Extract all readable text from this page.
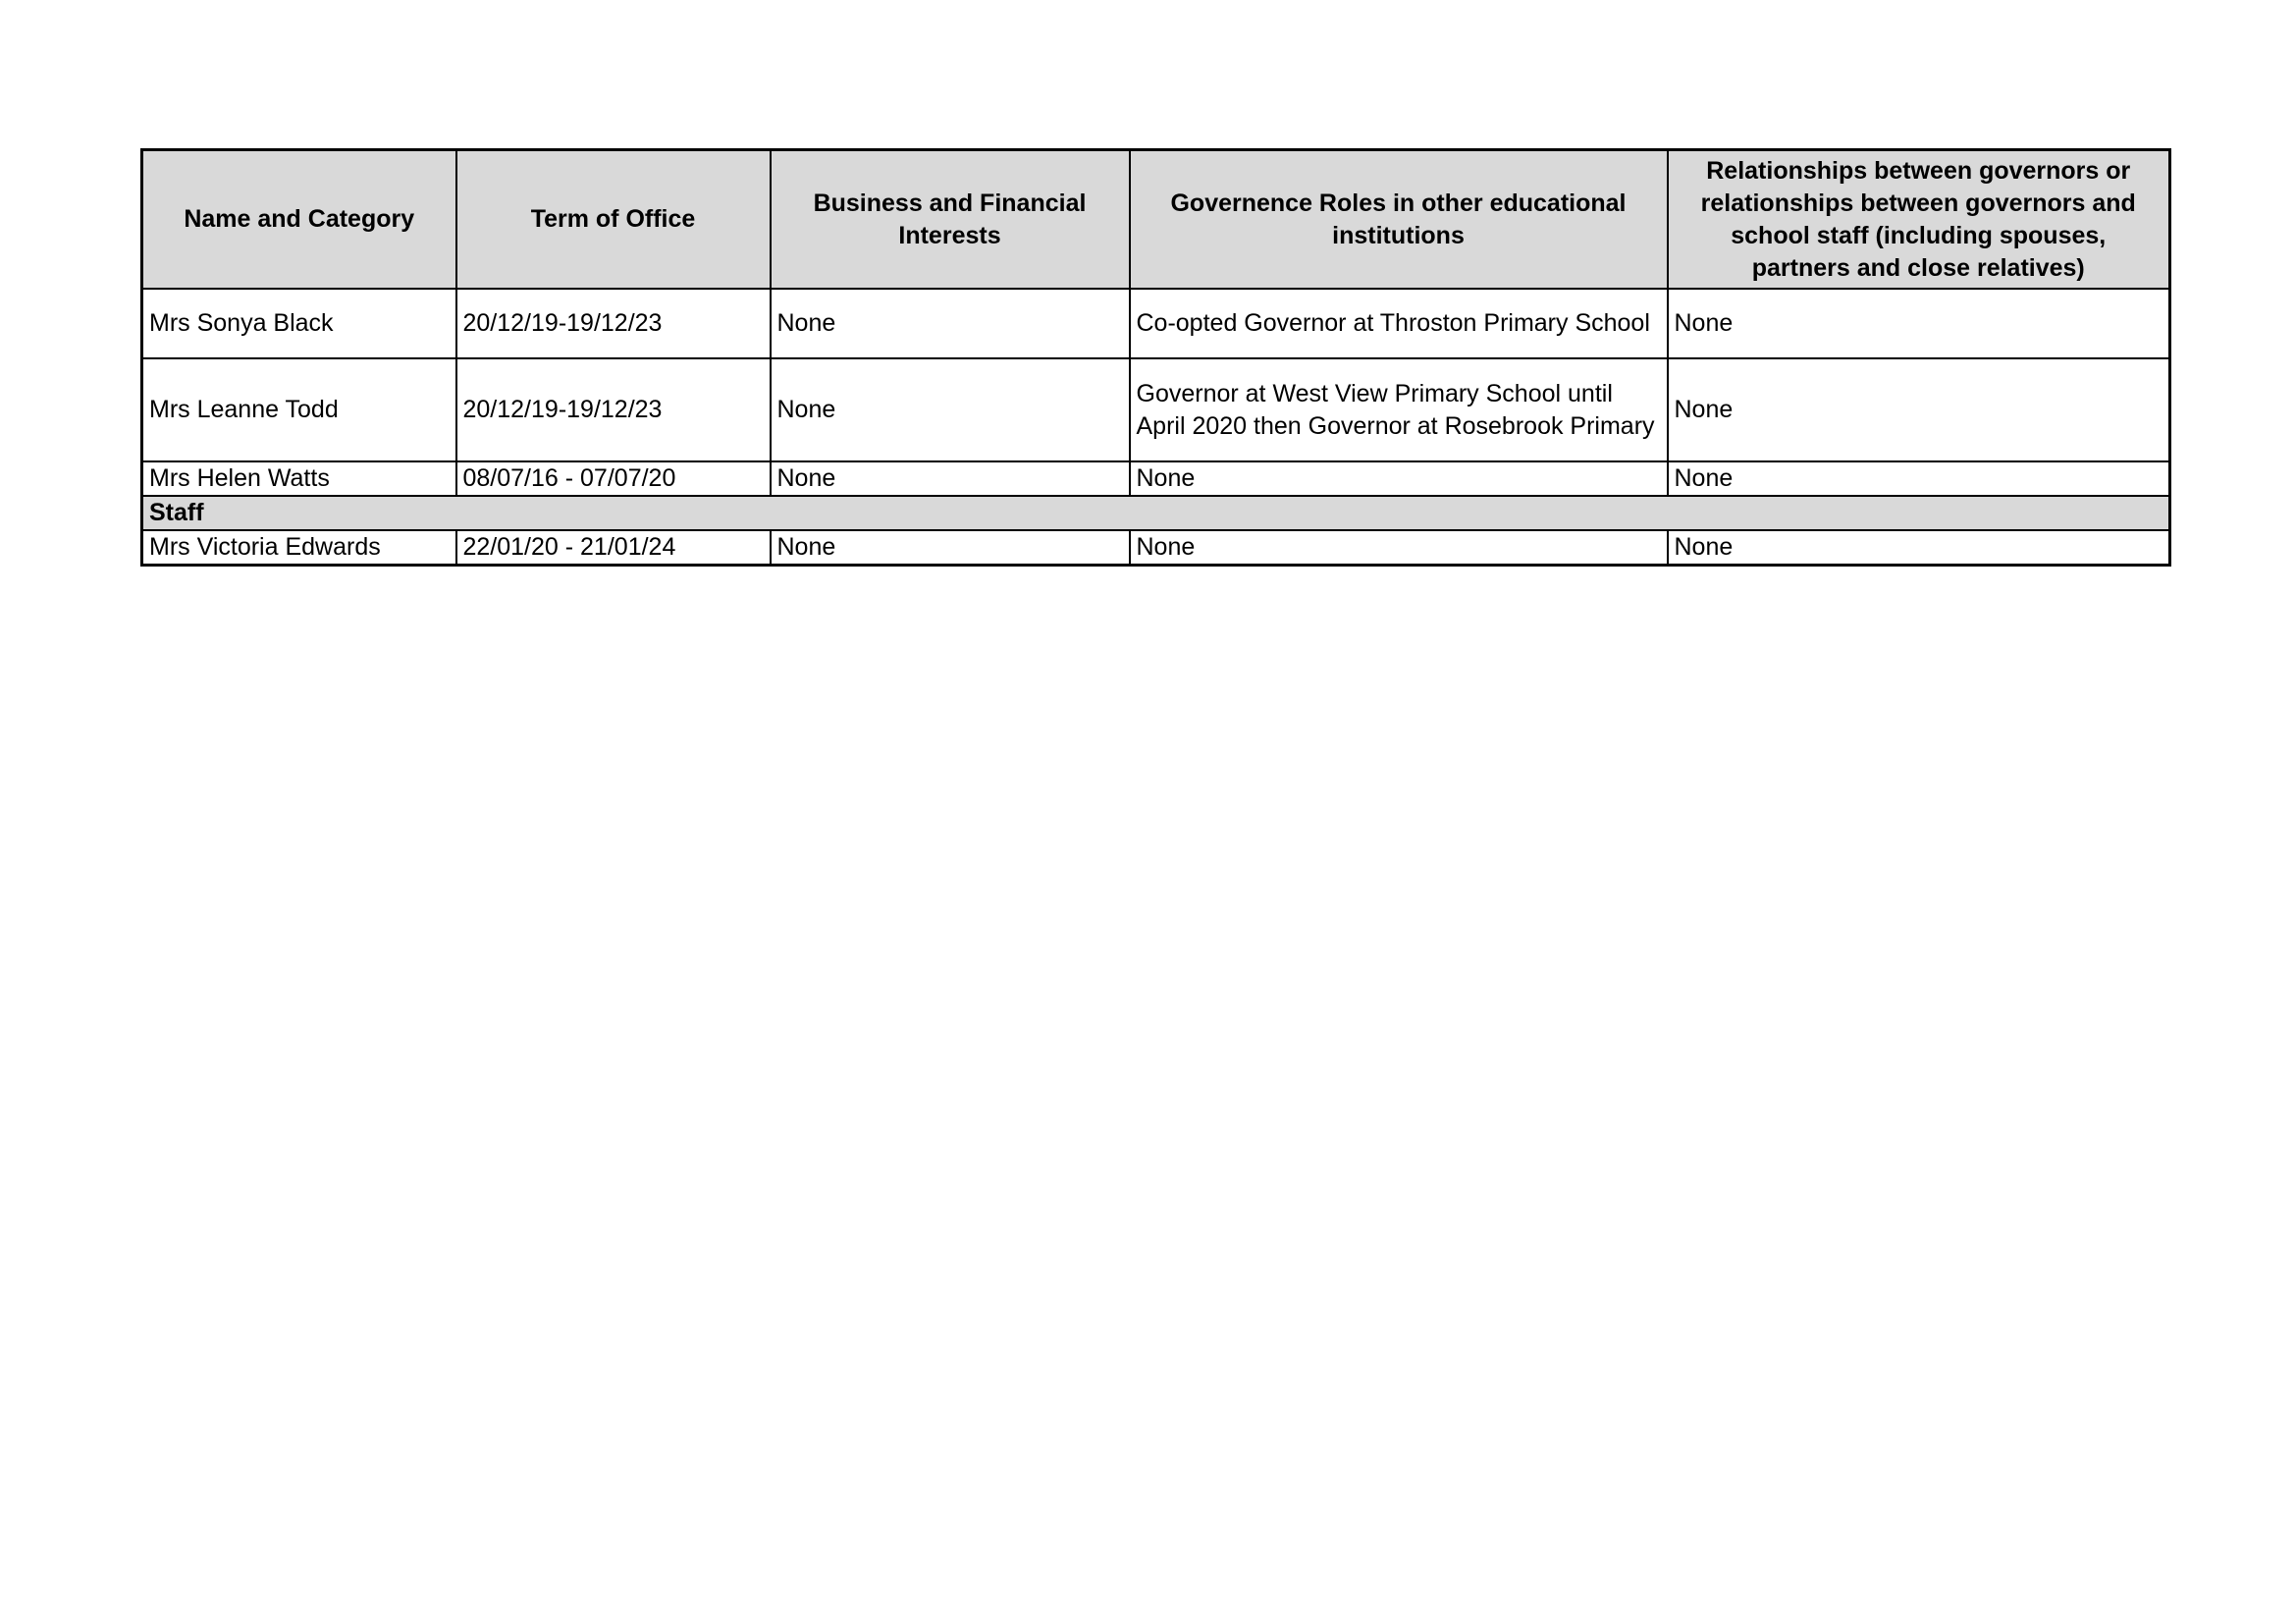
Name and Category	Term of Office	Business and Financial Interests	Governence Roles in other educational institutions	Relationships between governors or relationships between governors and school staff (including spouses, partners and close relatives)
Mrs Sonya Black	20/12/19-19/12/23	None	Co-opted Governor at Throston Primary School	None
Mrs Leanne Todd	20/12/19-19/12/23	None	Governor at West View Primary School until April 2020 then Governor at Rosebrook Primary	None
Mrs Helen Watts	08/07/16 - 07/07/20	None	None	None
Staff				
Mrs Victoria Edwards	22/01/20 - 21/01/24	None	None	None
